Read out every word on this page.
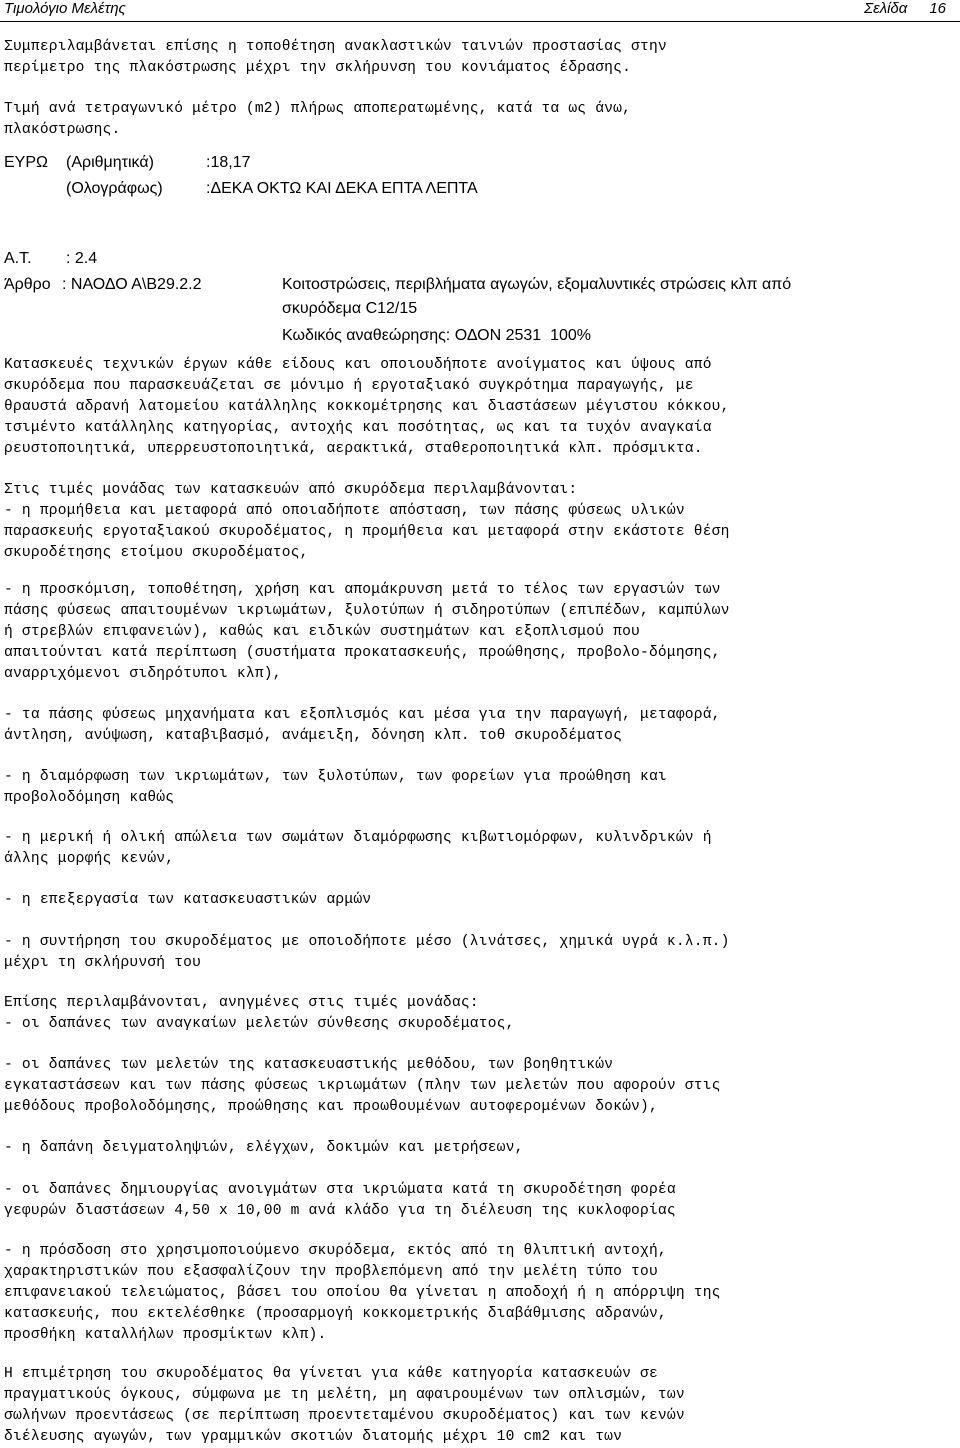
Τιμολόγιο Μελέτης	Σελίδα 16
Συμπεριλαμβάνεται επίσης η τοποθέτηση ανακλαστικών ταινιών προστασίας στην
περίμετρο της πλακόστρωσης μέχρι την σκλήρυνση του κονιάματος έδρασης.
Τιμή ανά τετραγωνικό μέτρο (m2) πλήρως αποπερατωμένης, κατά τα ως άνω,
πλακόστρωσης.
ΕΥΡΩ (Αριθμητικά)	:18,17
(Ολογράφως)	:ΔΕΚΑ ΟΚΤΩ ΚΑΙ ΔΕΚΑ ΕΠΤΑ ΛΕΠΤΑ
Α.Τ. : 2.4
Άρθρο : ΝΑΟΔΟ Α\Β29.2.2	Κοιτοστρώσεις, περιβλήματα αγωγών, εξομαλυντικές στρώσεις κλπ από
σκυρόδεμα C12/15
Κωδικός αναθεώρησης: ΟΔΟΝ 2531  100%
Κατασκευές τεχνικών έργων κάθε είδους και οποιουδήποτε ανοίγματος και ύψους από
σκυρόδεμα που παρασκευάζεται σε μόνιμο ή εργοταξιακό συγκρότημα παραγωγής, με
θραυστά αδρανή λατομείου κατάλληλης κοκκομέτρησης και διαστάσεων μέγιστου κόκκου,
τσιμέντο κατάλληλης κατηγορίας, αντοχής και ποσότητας, ως και τα τυχόν αναγκαία
ρευστοποιητικά, υπερρευστοποιητικά, αερακτικά, σταθεροποιητικά κλπ. πρόσμικτα.
Στις τιμές μονάδας των κατασκευών από σκυρόδεμα περιλαμβάνονται:
- η προμήθεια και μεταφορά από οποιαδήποτε απόσταση, των πάσης φύσεως υλικών
παρασκευής εργοταξιακού σκυροδέματος, η προμήθεια και μεταφορά στην εκάστοτε θέση
σκυροδέτησης ετοίμου σκυροδέματος,
- η προσκόμιση, τοποθέτηση, χρήση και απομάκρυνση μετά το τέλος των εργασιών των
πάσης φύσεως απαιτουμένων ικριωμάτων, ξυλοτύπων ή σιδηροτύπων (επιπέδων, καμπύλων
ή στρεβλών επιφανειών), καθώς και ειδικών συστημάτων και εξοπλισμού που
απαιτούνται κατά περίπτωση (συστήματα προκατασκευής, προώθησης, προβολο-δόμησης,
αναρριχόμενοι σιδηρότυποι κλπ),
- τα πάσης φύσεως μηχανήματα και εξοπλισμός και μέσα για την παραγωγή, μεταφορά,
άντληση, ανύψωση, καταβιβασμό, ανάμειξη, δόνηση κλπ. τοθ σκυροδέματος
- η διαμόρφωση των ικριωμάτων, των ξυλοτύπων, των φορείων για προώθηση και
προβολοδόμηση καθώς
- η μερική ή ολική απώλεια των σωμάτων διαμόρφωσης κιβωτιομόρφων, κυλινδρικών ή
άλλης μορφής κενών,
- η επεξεργασία των κατασκευαστικών αρμών
- η συντήρηση του σκυροδέματος με οποιοδήποτε μέσο (λινάτσες, χημικά υγρά κ.λ.π.)
μέχρι τη σκλήρυνσή του
Επίσης περιλαμβάνονται, ανηγμένες στις τιμές μονάδας:
- οι δαπάνες των αναγκαίων μελετών σύνθεσης σκυροδέματος,
- οι δαπάνες των μελετών της κατασκευαστικής μεθόδου, των βοηθητικών
εγκαταστάσεων και των πάσης φύσεως ικριωμάτων (πλην των μελετών που αφορούν στις
μεθόδους προβολοδόμησης, προώθησης και προωθουμένων αυτοφερομένων δοκών),
- η δαπάνη δειγματοληψιών, ελέγχων, δοκιμών και μετρήσεων,
- οι δαπάνες δημιουργίας ανοιγμάτων στα ικριώματα κατά τη σκυροδέτηση φορέα
γεφυρών διαστάσεων 4,50 x 10,00 m ανά κλάδο για τη διέλευση της κυκλοφορίας
- η πρόσδοση στο χρησιμοποιούμενο σκυρόδεμα, εκτός από τη θλιπτική αντοχή,
χαρακτηριστικών που εξασφαλίζουν την προβλεπόμενη από την μελέτη τύπο του
επιφανειακού τελειώματος, βάσει του οποίου θα γίνεται η αποδοχή ή η απόρριψη της
κατασκευής, που εκτελέσθηκε (προσαρμογή κοκκομετρικής διαβάθμισης αδρανών,
προσθήκη καταλλήλων προσμίκτων κλπ).
Η επιμέτρηση του σκυροδέματος θα γίνεται για κάθε κατηγορία κατασκευών σε
πραγματικούς όγκους, σύμφωνα με τη μελέτη, μη αφαιρουμένων των οπλισμών, των
σωλήνων προεντάσεως (σε περίπτωση προεντεταμένου σκυροδέματος) και των κενών
διέλευσης αγωγών, των γραμμικών σκοτιών διατομής μέχρι 10 cm2 και των
